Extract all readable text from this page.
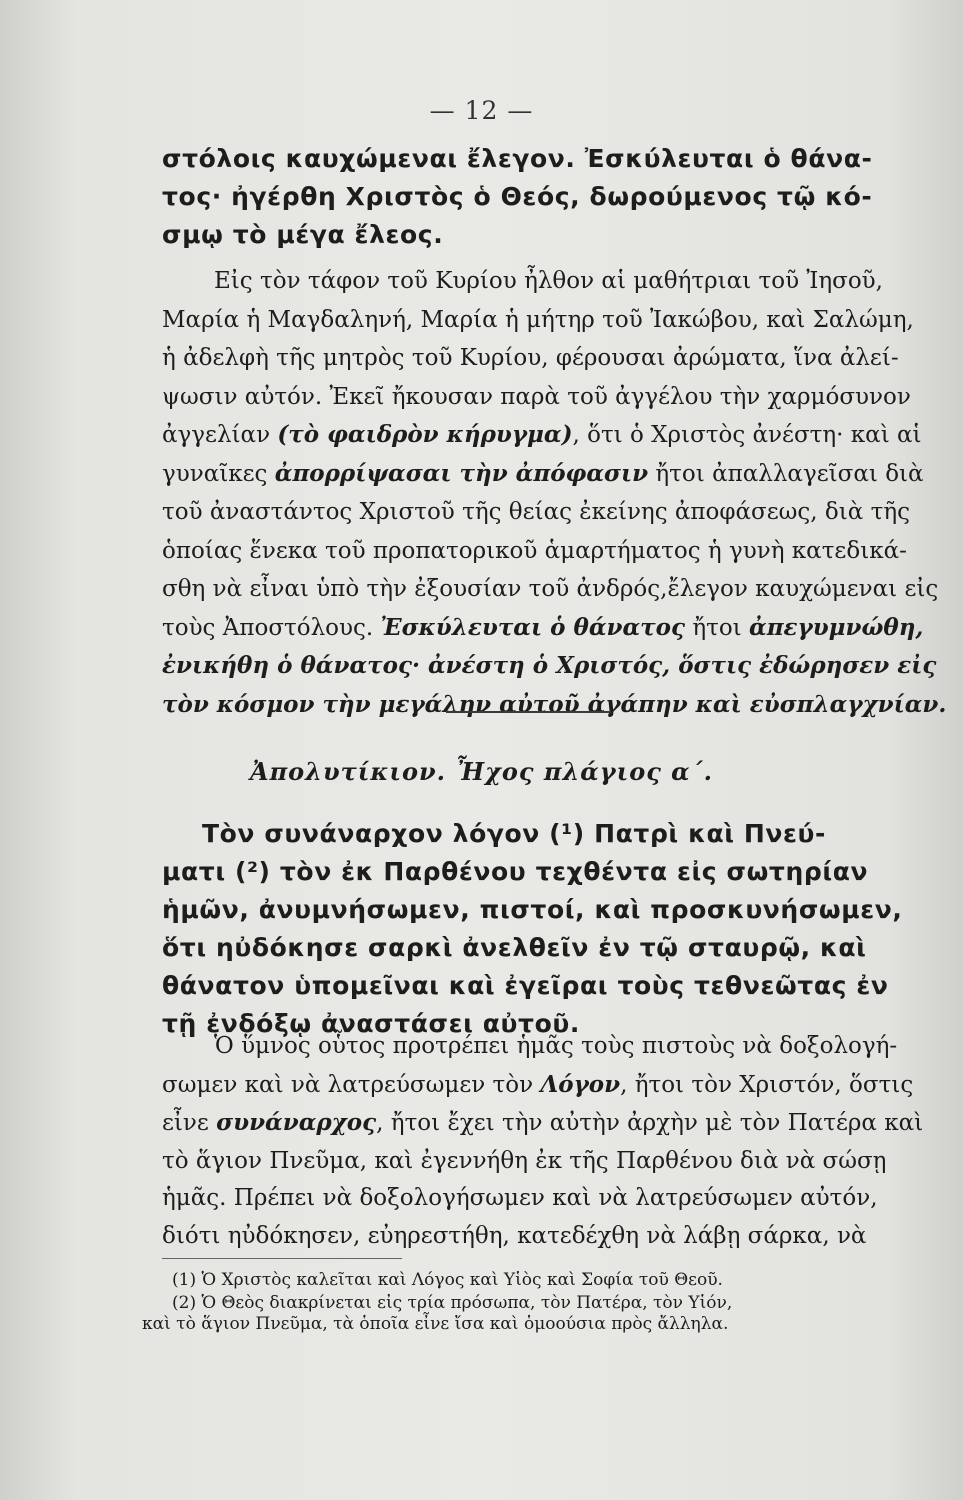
— 12 —

στόλοις καυχώμεναι ἔλεγον. Ἐσκύλευται ὁ θάνα-

τος· ἠγέρθη Χριστὸς ὁ Θεός, δωρούμενος τῷ κό-

σμῳ τὸ μέγα ἔλεος.

Εἰς τὸν τάφον τοῦ Κυρίου ἦλθον αἱ μαθήτριαι τοῦ Ἰησοῦ,

Μαρία ἡ Μαγδαληνή, Μαρία ἡ μήτηρ τοῦ Ἰακώβου, καὶ Σαλώμη,

ἡ ἀδελφὴ τῆς μητρὸς τοῦ Κυρίου, φέρουσαι ἀρώματα, ἵνα ἀλεί-

ψωσιν αὐτόν. Ἐκεῖ ἤκουσαν παρὰ τοῦ ἀγγέλου τὴν χαρμόσυνον

ἀγγελίαν (τὸ φαιδρὸν κήρυγμα), ὅτι ὁ Χριστὸς ἀνέστη· καὶ αἱ

γυναῖκες ἀπορρίψασαι τὴν ἀπόφασιν ἤτοι ἀπαλλαγεῖσαι διὰ

τοῦ ἀναστάντος Χριστοῦ τῆς θείας ἐκείνης ἀποφάσεως, διὰ τῆς

ὁποίας ἕνεκα τοῦ προπατορικοῦ ἁμαρτήματος ἡ γυνὴ κατεδικά-

σθη νὰ εἶναι ὑπὸ τὴν ἐξουσίαν τοῦ ἀνδρός,ἔλεγον καυχώμεναι εἰς

τοὺς Ἀποστόλους. Ἐσκύλευται ὁ θάνατος ἤτοι ἀπεγυμνώθη,

ἐνικήθη ὁ θάνατος· ἀνέστη ὁ Χριστός, ὅστις ἐδώρησεν εἰς

τὸν κόσμον τὴν μεγάλην αὐτοῦ ἀγάπην καὶ εὐσπλαγχνίαν.

Ἀπολυτίκιον. Ἦχος πλάγιος α΄.

Τὸν συνάναρχον λόγον (¹) Πατρὶ καὶ Πνεύ-

ματι (²) τὸν ἐκ Παρθένου τεχθέντα εἰς σωτηρίαν

ἡμῶν, ἀνυμνήσωμεν, πιστοί, καὶ προσκυνήσωμεν,

ὅτι ηὐδόκησε σαρκὶ ἀνελθεῖν ἐν τῷ σταυρῷ, καὶ

θάνατον ὑπομεῖναι καὶ ἐγεῖραι τοὺς τεθνεῶτας ἐν

τῇ ἐνδόξῳ ἀναστάσει αὐτοῦ.

Ὁ ὕμνος οὗτος προτρέπει ἡμᾶς τοὺς πιστοὺς νὰ δοξολογή-

σωμεν καὶ νὰ λατρεύσωμεν τὸν Λόγον, ἤτοι τὸν Χριστόν, ὅστις

εἶνε συνάναρχος, ἤτοι ἔχει τὴν αὐτὴν ἀρχὴν μὲ τὸν Πατέρα καὶ

τὸ ἅγιον Πνεῦμα, καὶ ἐγεννήθη ἐκ τῆς Παρθένου διὰ νὰ σώσῃ

ἡμᾶς. Πρέπει νὰ δοξολογήσωμεν καὶ νὰ λατρεύσωμεν αὐτόν,

διότι ηὐδόκησεν, εὐηρεστήθη, κατεδέχθη νὰ λάβῃ σάρκα, νὰ

(1) Ὁ Χριστὸς καλεῖται καὶ Λόγος καὶ Υἱὸς καὶ Σοφία τοῦ Θεοῦ.

(2) Ὁ Θεὸς διακρίνεται εἰς τρία πρόσωπα, τὸν Πατέρα, τὸν Υἱόν,

καὶ τὸ ἅγιον Πνεῦμα, τὰ ὁποῖα εἶνε ἴσα καὶ ὁμοούσια πρὸς ἄλληλα.
